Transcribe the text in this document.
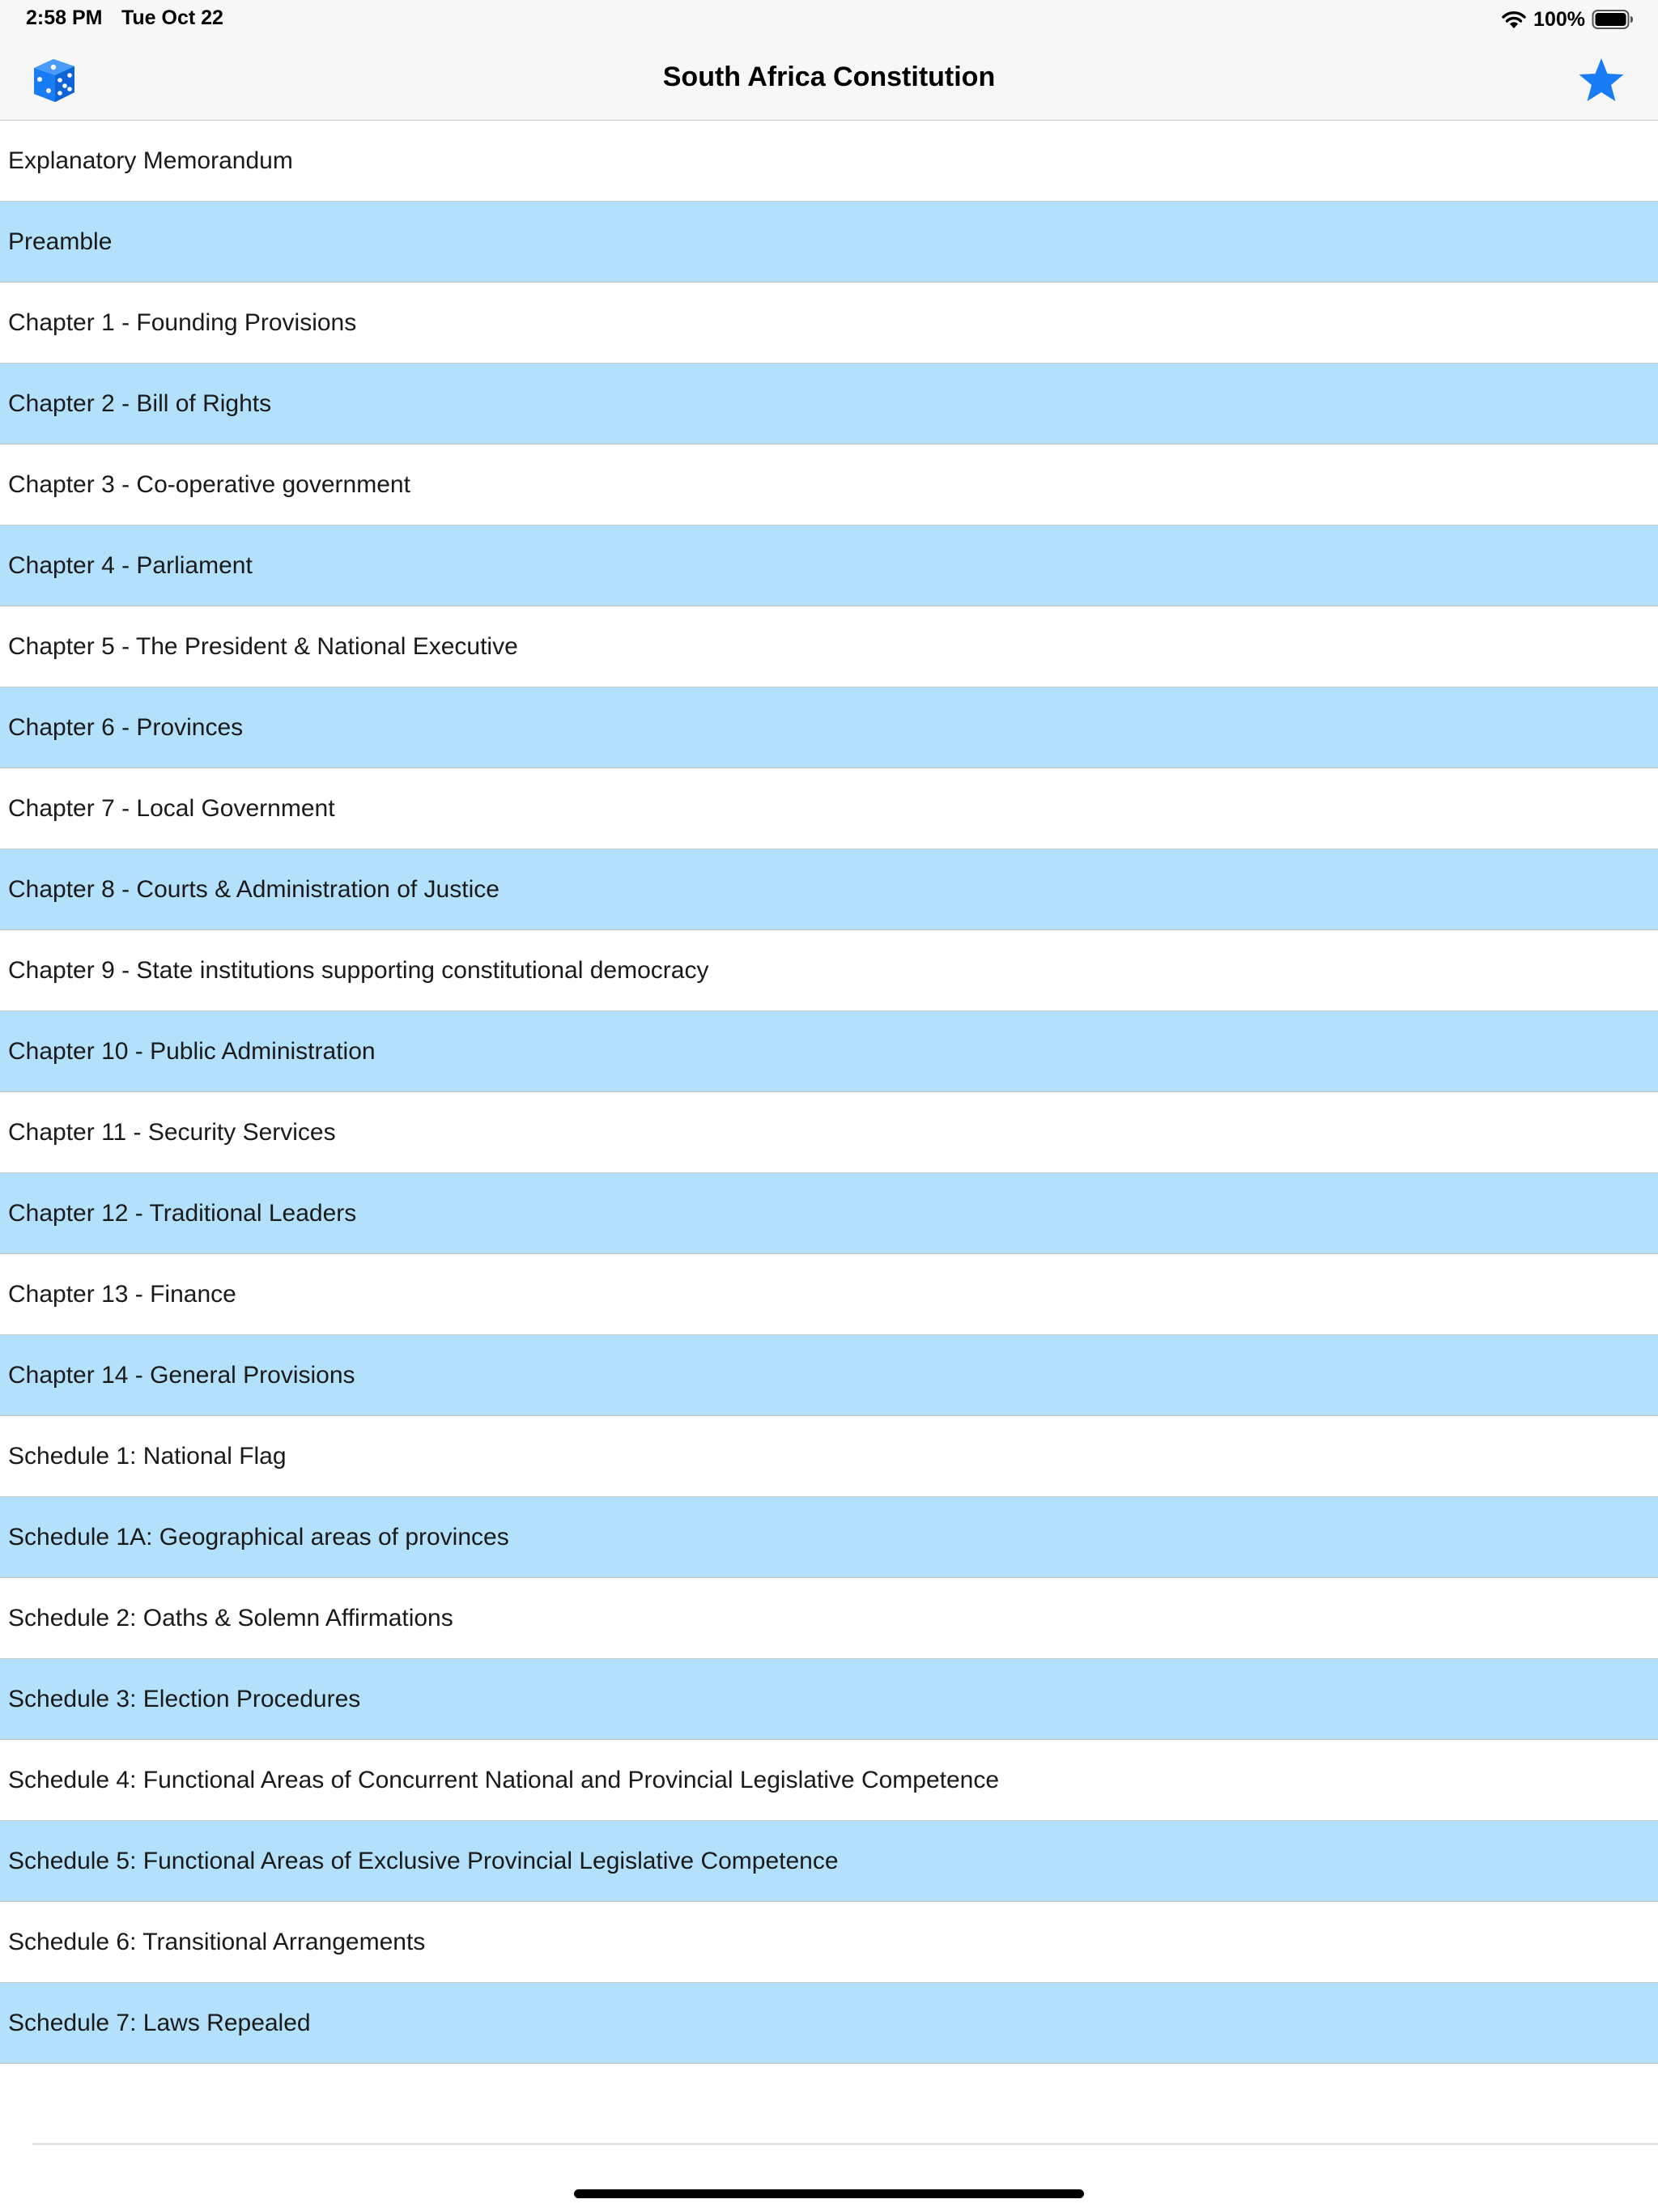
2:58 PM Tue Oct 22	100%
South Africa Constitution
Explanatory Memorandum
Preamble
Chapter 1 - Founding Provisions
Chapter 2 - Bill of Rights
Chapter 3 - Co-operative government
Chapter 4 - Parliament
Chapter 5 - The President & National Executive
Chapter 6 - Provinces
Chapter 7 - Local Government
Chapter 8 - Courts & Administration of Justice
Chapter 9 - State institutions supporting constitutional democracy
Chapter 10 - Public Administration
Chapter 11 - Security Services
Chapter 12 - Traditional Leaders
Chapter 13 - Finance
Chapter 14 - General Provisions
Schedule 1: National Flag
Schedule 1A: Geographical areas of provinces
Schedule 2: Oaths & Solemn Affirmations
Schedule 3: Election Procedures
Schedule 4: Functional Areas of Concurrent National and Provincial Legislative Competence
Schedule 5: Functional Areas of Exclusive Provincial Legislative Competence
Schedule 6: Transitional Arrangements
Schedule 7: Laws Repealed
